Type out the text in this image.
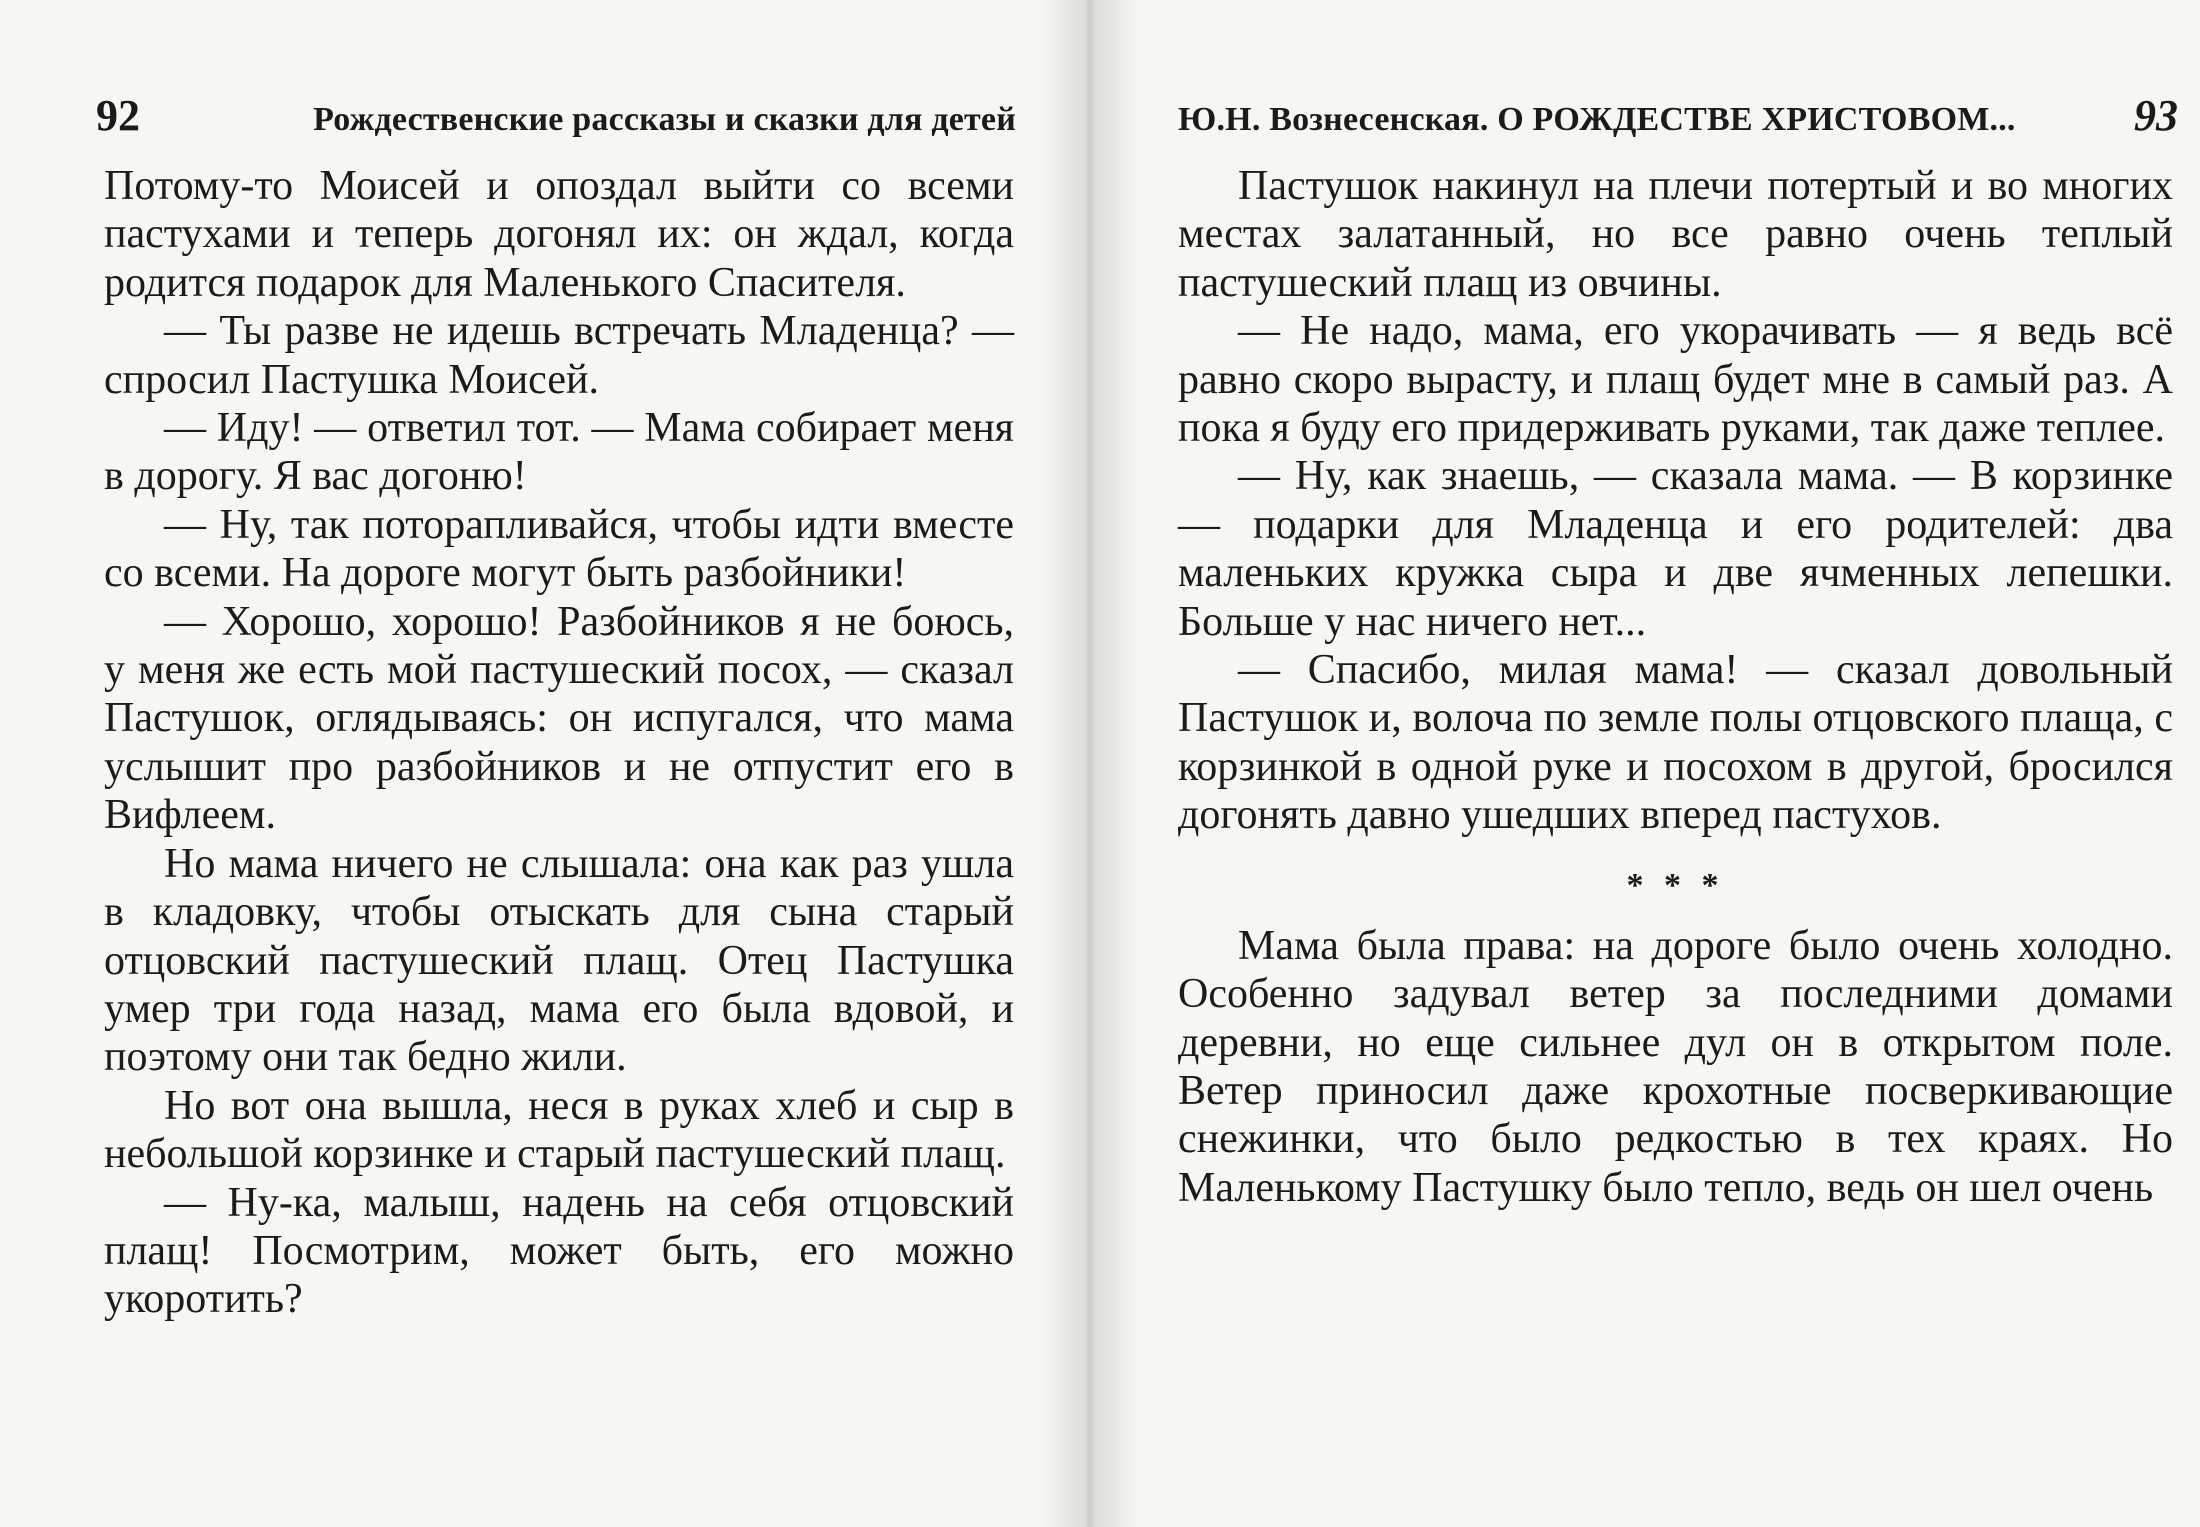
92	Рождественские рассказы и сказки для детей

Потому-то Моисей и опоздал выйти со всеми пастухами и теперь догонял их: он ждал, когда родится подарок для Маленького Спасителя.

— Ты разве не идешь встречать Младенца? — спросил Пастушка Моисей.

— Иду! — ответил тот. — Мама собирает меня в дорогу. Я вас догоню!

— Ну, так поторапливайся, чтобы идти вместе со всеми. На дороге могут быть разбойники!

— Хорошо, хорошо! Разбойников я не боюсь, у меня же есть мой пастушеский посох, — сказал Пастушок, оглядываясь: он испугался, что мама услышит про разбойников и не отпустит его в Вифлеем.

Но мама ничего не слышала: она как раз ушла в кладовку, чтобы отыскать для сына старый отцовский пастушеский плащ. Отец Пастушка умер три года назад, мама его была вдовой, и поэтому они так бедно жили.

Но вот она вышла, неся в руках хлеб и сыр в небольшой корзинке и старый пастушеский плащ.

— Ну-ка, малыш, надень на себя отцовский плащ! Посмотрим, может быть, его можно укоротить?

Ю.Н. Вознесенская. О РОЖДЕСТВЕ ХРИСТОВОМ...	93

Пастушок накинул на плечи потертый и во многих местах залатанный, но все равно очень теплый пастушеский плащ из овчины.

— Не надо, мама, его укорачивать — я ведь всё равно скоро вырасту, и плащ будет мне в самый раз. А пока я буду его придерживать руками, так даже теплее.

— Ну, как знаешь, — сказала мама. — В корзинке — подарки для Младенца и его родителей: два маленьких кружка сыра и две ячменных лепешки. Больше у нас ничего нет...

— Спасибо, милая мама! — сказал довольный Пастушок и, волоча по земле полы отцовского плаща, с корзинкой в одной руке и посохом в другой, бросился догонять давно ушедших вперед пастухов.

* * *

Мама была права: на дороге было очень холодно. Особенно задувал ветер за последними домами деревни, но еще сильнее дул он в открытом поле. Ветер приносил даже крохотные посверкивающие снежинки, что было редкостью в тех краях. Но Маленькому Пастушку было тепло, ведь он шел очень
